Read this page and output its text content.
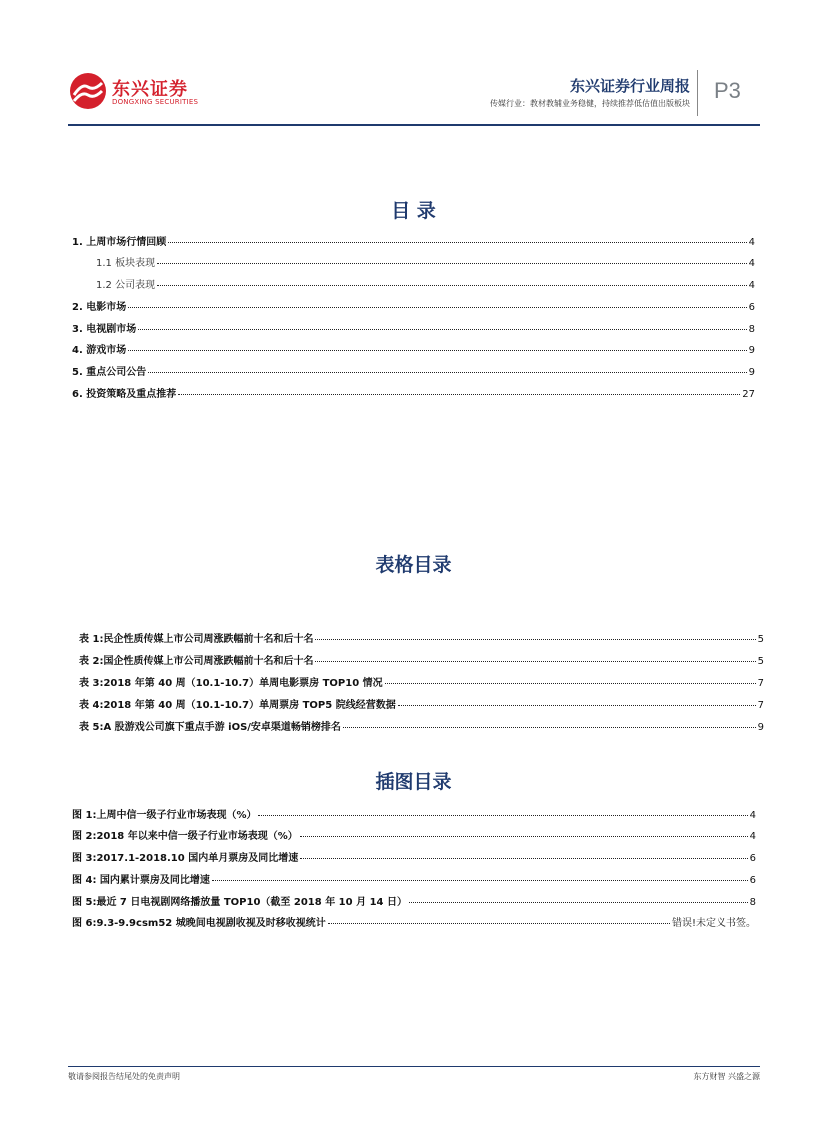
东兴证券
DONGXING SECURITIES
东兴证券行业周报
传媒行业：教材教辅业务稳健，持续推荐低估值出版板块
P3
目 录
1. 上周市场行情回顾	4
1.1 板块表现	4
1.2 公司表现	4
2. 电影市场	6
3. 电视剧市场	8
4. 游戏市场	9
5. 重点公司公告	9
6. 投资策略及重点推荐	27
表格目录
表 1:民企性质传媒上市公司周涨跌幅前十名和后十名	5
表 2:国企性质传媒上市公司周涨跌幅前十名和后十名	5
表 3:2018 年第 40 周（10.1-10.7）单周电影票房 TOP10 情况	7
表 4:2018 年第 40 周（10.1-10.7）单周票房 TOP5 院线经营数据	7
表 5:A 股游戏公司旗下重点手游 iOS/安卓渠道畅销榜排名	9
插图目录
图 1:上周中信一级子行业市场表现（%）	4
图 2:2018 年以来中信一级子行业市场表现（%）	4
图 3:2017.1-2018.10 国内单月票房及同比增速	6
图 4: 国内累计票房及同比增速	6
图 5:最近 7 日电视剧网络播放量 TOP10（截至 2018 年 10 月 14 日）	8
图 6:9.3-9.9csm52 城晚间电视剧收视及时移收视统计	错误!未定义书签。
敬请参阅报告结尾处的免责声明	东方财智 兴盛之源
